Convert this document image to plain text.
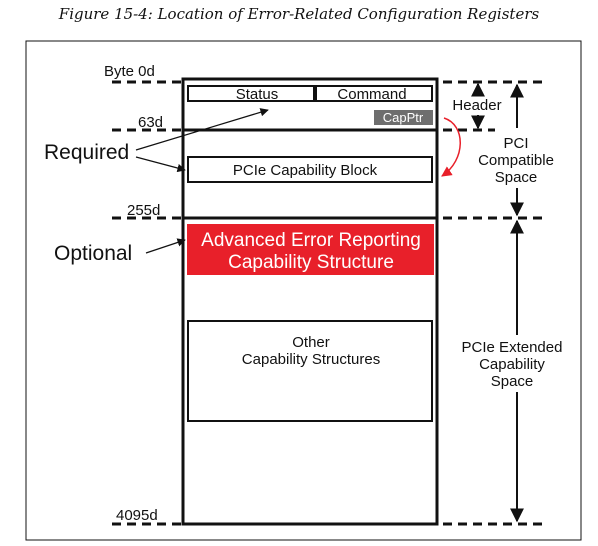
Figure 15-4: Location of Error-Related Configuration Registers
Status	Command
CapPtr
PCIe Capability Block
Advanced Error Reporting
Capability Structure
Other
Capability Structures
Byte 0d
63d
255d
4095d
Header
PCI
Compatible
Space
PCIe Extended
Capability
Space
Required
Optional
